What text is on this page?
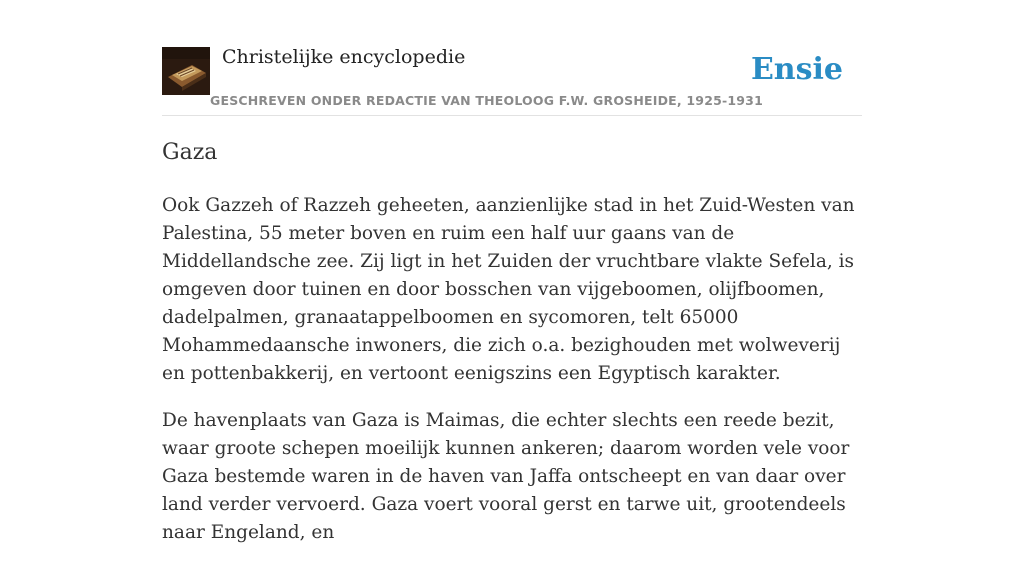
Christelijke encyclopedie
GESCHREVEN ONDER REDACTIE VAN THEOLOOG F.W. GROSHEIDE, 1925-1931
Ensie
Gaza

Ook Gazzeh of Razzeh geheeten, aanzienlijke stad in het Zuid-Westen van Palestina, 55 meter boven en ruim een half uur gaans van de Middellandsche zee. Zij ligt in het Zuiden der vruchtbare vlakte Sefela, is omgeven door tuinen en door bosschen van vijgeboomen, olijfboomen, dadelpalmen, granaatappelboomen en sycomoren, telt 65000 Mohammedaansche inwoners, die zich o.a. bezighouden met wolweverij en pottenbakkerij, en vertoont eenigszins een Egyptisch karakter.

De havenplaats van Gaza is Maimas, die echter slechts een reede bezit, waar groote schepen moeilijk kunnen ankeren; daarom worden vele voor Gaza bestemde waren in de haven van Jaffa ontscheept en van daar over land verder vervoerd. Gaza voert vooral gerst en tarwe uit, grootendeels naar Engeland, en
